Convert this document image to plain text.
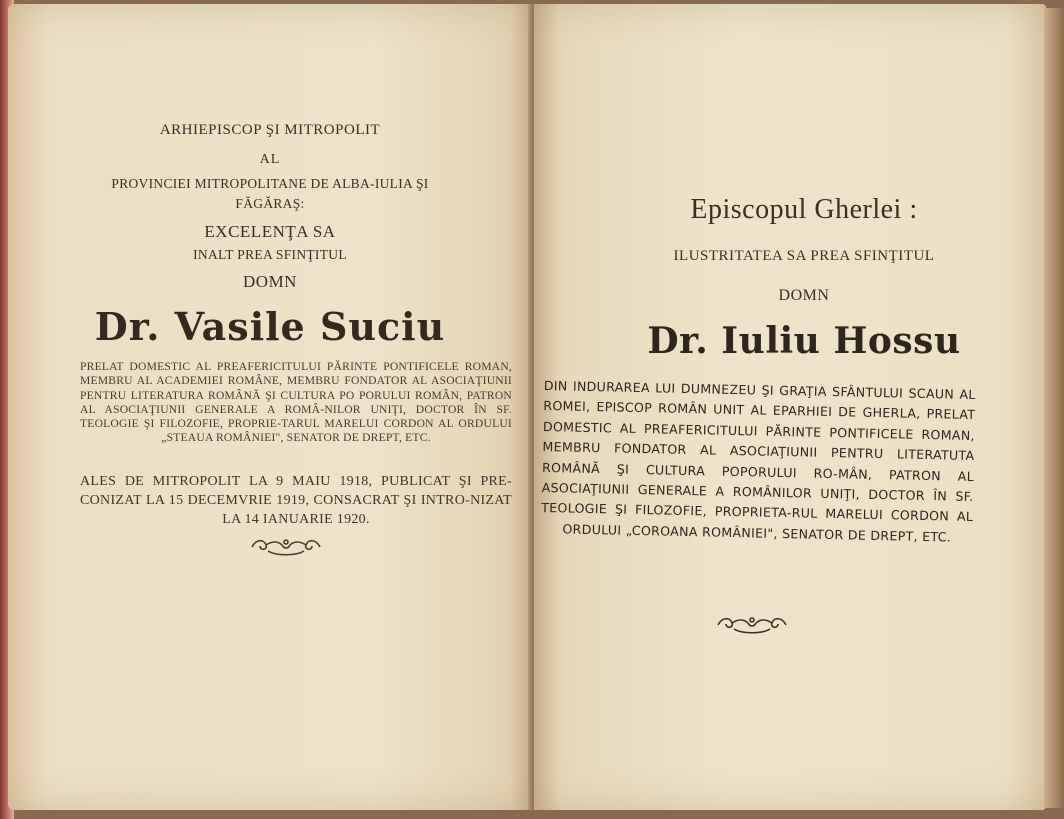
ARHIEPISCOP ŞI MITROPOLIT
AL
PROVINCIEI MITROPOLITANE DE ALBA-IULIA ŞI
FĂGĂRAŞ:
EXCELENŢA SA
INALT PREA SFINŢITUL
DOMN
Dr. Vasile Suciu
PRELAT DOMESTIC AL PREAFERICITULUI PĂRINTE PONTIFICELE ROMAN, MEMBRU AL ACADEMIEI ROMÂNE, MEMBRU FONDATOR AL ASOCIAŢIUNII PENTRU LITERATURA ROMÂNĂ ŞI CULTURA PO PORULUI ROMÂN, PATRON AL ASOCIAŢIUNII GENERALE A ROMÂ-NILOR UNIŢI, DOCTOR ÎN SF. TEOLOGIE ŞI FILOZOFIE, PROPRIE-TARUL MARELUI CORDON AL ORDULUI „STEAUA ROMÂNIEI", SENATOR DE DREPT, ETC.
ALES DE MITROPOLIT LA 9 MAIU 1918, PUBLICAT ŞI PRE-CONIZAT LA 15 DECEMVRIE 1919, CONSACRAT ŞI INTRO-NIZAT LA 14 IANUARIE 1920.
Episcopul Gherlei :
ILUSTRITATEA SA PREA SFINŢITUL
DOMN
Dr. Iuliu Hossu
DIN INDURAREA LUI DUMNEZEU ŞI GRAŢIA SFÂNTULUI SCAUN AL ROMEI, EPISCOP ROMÂN UNIT AL EPARHIEI DE GHERLA, PRELAT DOMESTIC AL PREAFERICITULUI PĂRINTE PONTIFICELE ROMAN, MEMBRU FONDATOR AL ASOCIAŢIUNII PENTRU LITERATUTA ROMÂNĂ ŞI CULTURA POPORULUI RO-MÂN, PATRON AL ASOCIAŢIUNII GENERALE A ROMÂNILOR UNIŢI, DOCTOR ÎN SF. TEOLOGIE ŞI FILOZOFIE, PROPRIETA-RUL MARELUI CORDON AL ORDULUI „COROANA ROMÂNIEI", SENATOR DE DREPT, ETC.
